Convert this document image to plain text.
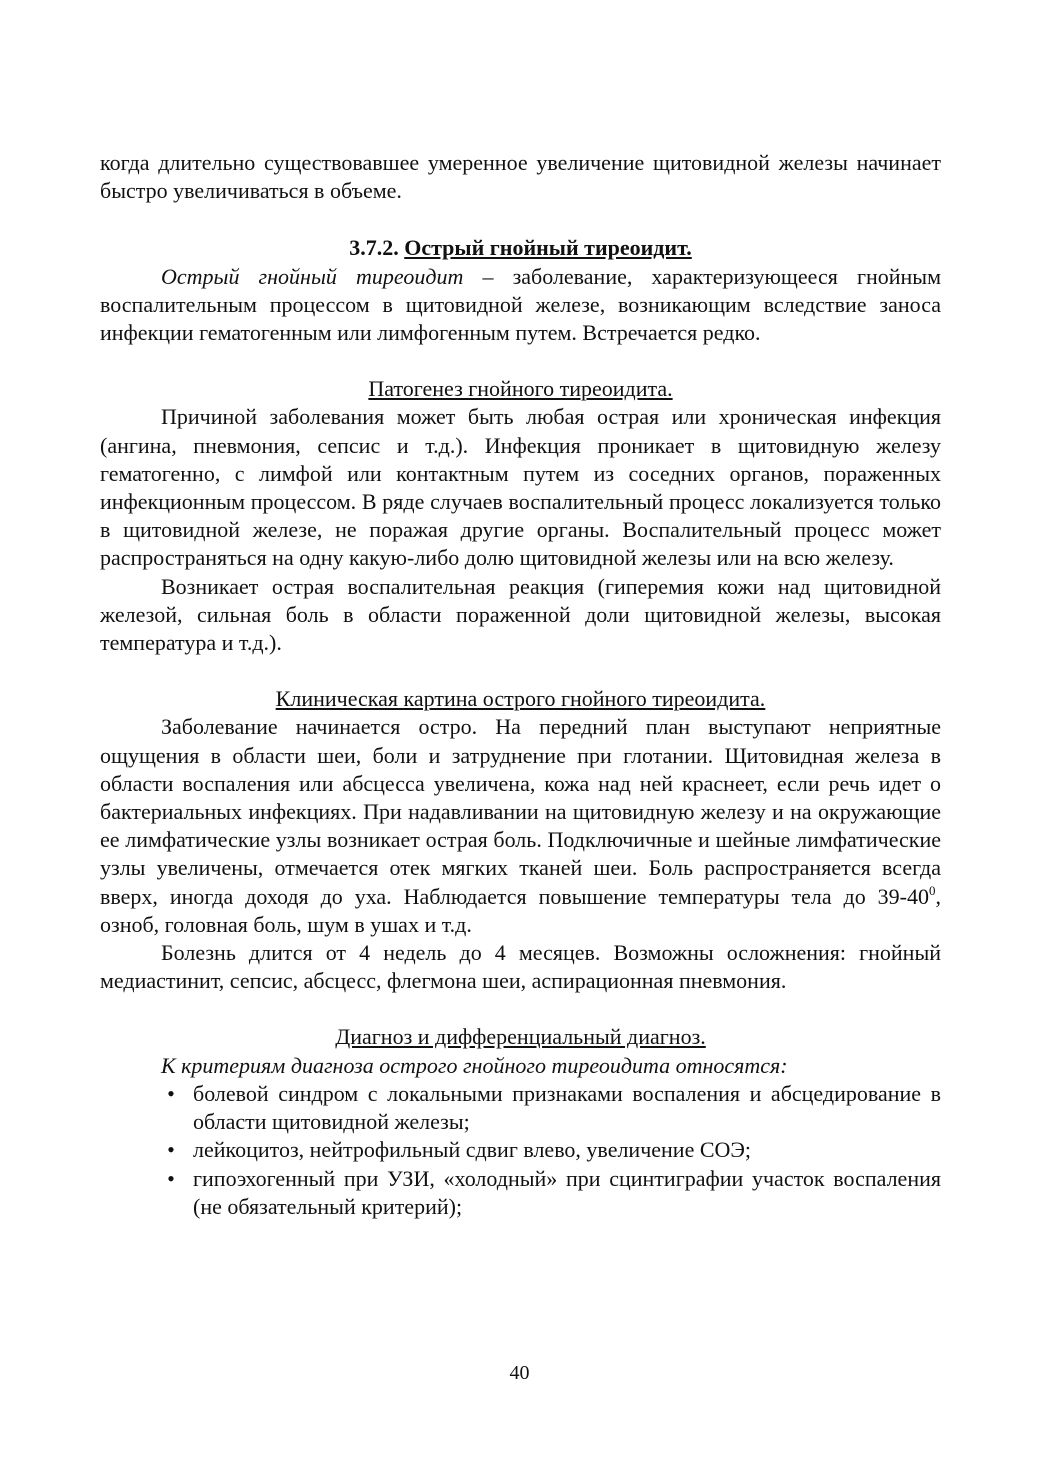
когда длительно существовавшее умеренное увеличение щитовидной железы начинает быстро увеличиваться в объеме.

3.7.2. Острый гнойный тиреоидит.

Острый гнойный тиреоидит – заболевание, характеризующееся гнойным воспалительным процессом в щитовидной железе, возникающим вследствие заноса инфекции гематогенным или лимфогенным путем. Встречается редко.

Патогенез гнойного тиреоидита.

Причиной заболевания может быть любая острая или хроническая инфекция (ангина, пневмония, сепсис и т.д.). Инфекция проникает в щитовидную железу гематогенно, с лимфой или контактным путем из соседних органов, пораженных инфекционным процессом. В ряде случаев воспалительный процесс локализуется только в щитовидной железе, не поражая другие органы. Воспалительный процесс может распространяться на одну какую-либо долю щитовидной железы или на всю железу.

Возникает острая воспалительная реакция (гиперемия кожи над щитовидной железой, сильная боль в области пораженной доли щитовидной железы, высокая температура и т.д.).

Клиническая картина острого гнойного тиреоидита.

Заболевание начинается остро. На передний план выступают неприятные ощущения в области шеи, боли и затруднение при глотании. Щитовидная железа в области воспаления или абсцесса увеличена, кожа над ней краснеет, если речь идет о бактериальных инфекциях. При надавливании на щитовидную железу и на окружающие ее лимфатические узлы возникает острая боль. Подключичные и шейные лимфатические узлы увеличены, отмечается отек мягких тканей шеи. Боль распространяется всегда вверх, иногда доходя до уха. Наблюдается повышение температуры тела до $39-40^0$, озноб, головная боль, шум в ушах и т.д.

Болезнь длится от 4 недель до 4 месяцев. Возможны осложнения: гнойный медиастинит, сепсис, абсцесс, флегмона шеи, аспирационная пневмония.

Диагноз и дифференциальный диагноз.

К критериям диагноза острого гнойного тиреоидита относятся:

• болевой синдром с локальными признаками воспаления и абсцедирование в области щитовидной железы;
• лейкоцитоз, нейтрофильный сдвиг влево, увеличение СОЭ;
• гипоэхогенный при УЗИ, «холодный» при сцинтиграфии участок воспаления (не обязательный критерий);
40
